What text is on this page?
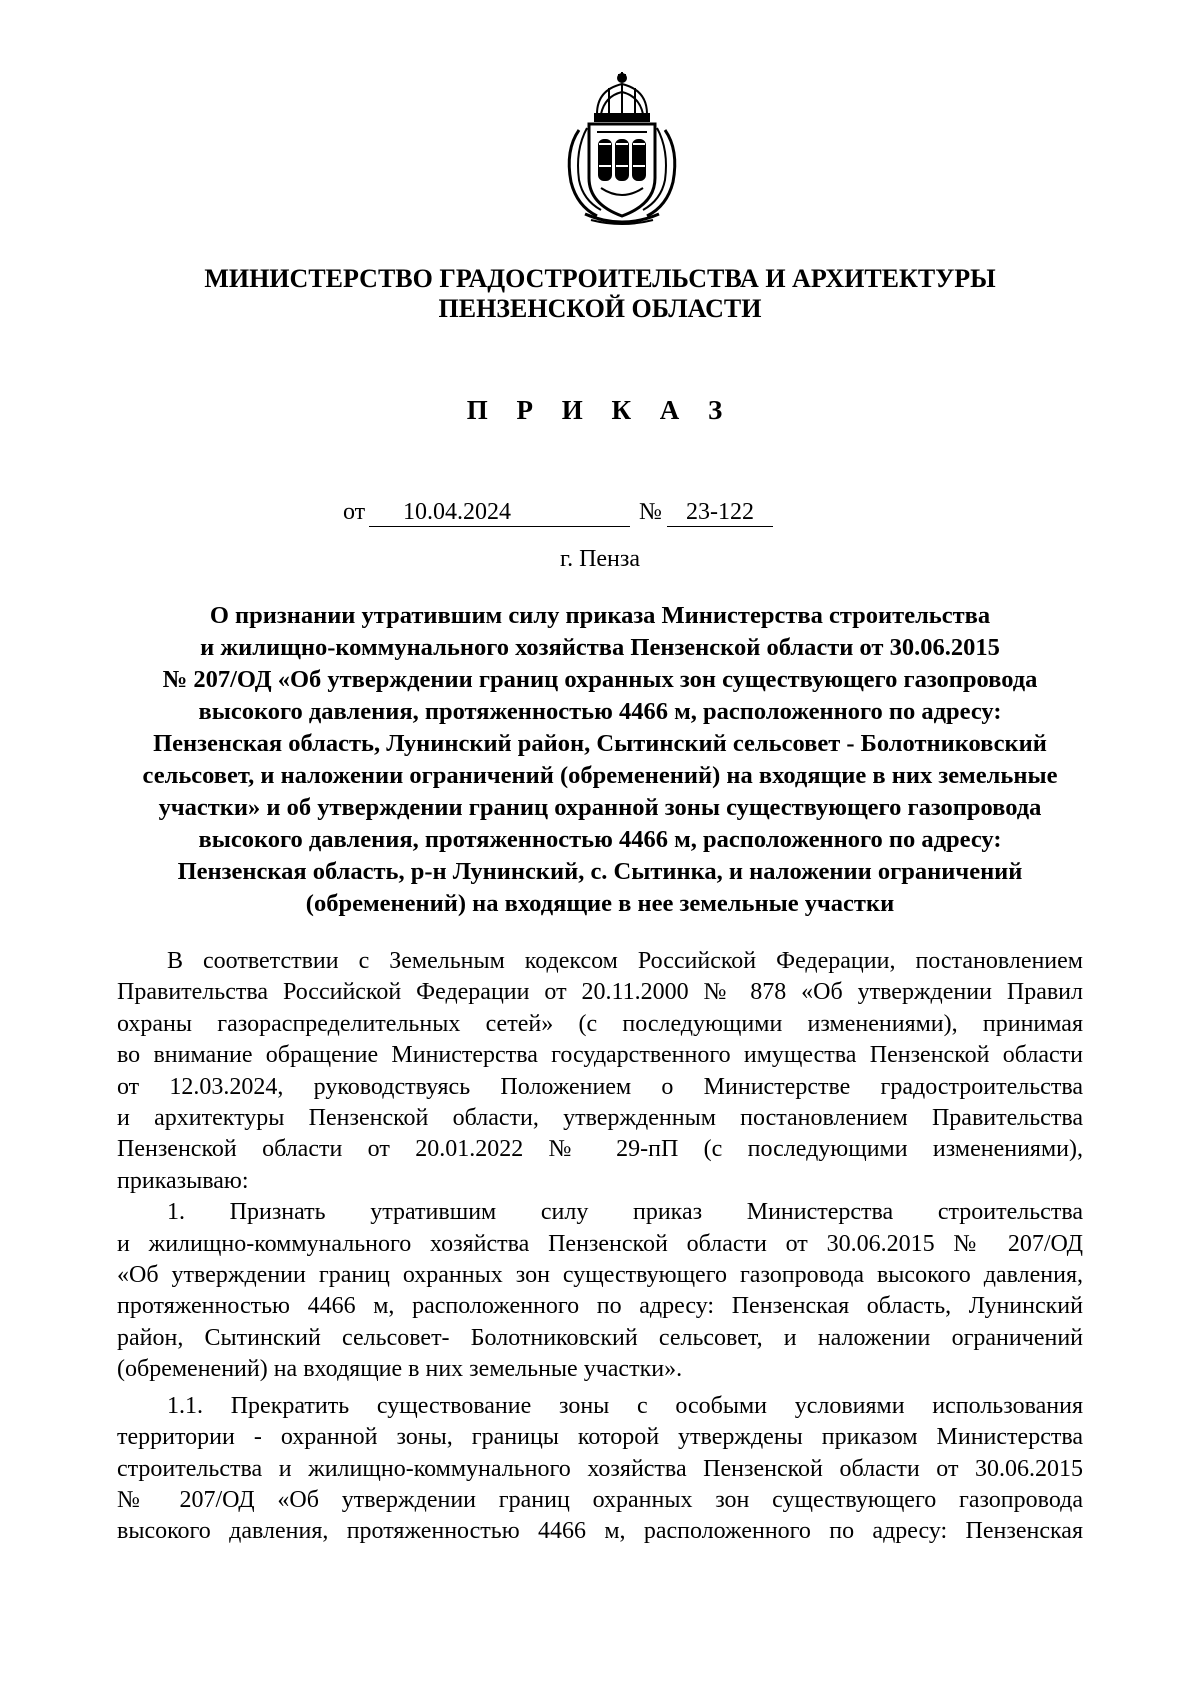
МИНИСТЕРСТВО ГРАДОСТРОИТЕЛЬСТВА И АРХИТЕКТУРЫ
ПЕНЗЕНСКОЙ ОБЛАСТИ
П Р И К А З
от	10.04.2024	№	23-122
г. Пенза
О признании утратившим силу приказа Министерства строительства
и жилищно-коммунального хозяйства Пензенской области от 30.06.2015
№ 207/ОД «Об утверждении границ охранных зон существующего газопровода
высокого давления, протяженностью 4466 м, расположенного по адресу:
Пензенская область, Лунинский район, Сытинский сельсовет - Болотниковский
сельсовет, и наложении ограничений (обременений) на входящие в них земельные
участки» и об утверждении границ охранной зоны существующего газопровода
высокого давления, протяженностью 4466 м, расположенного по адресу:
Пензенская область, р-н Лунинский, с. Сытинка, и наложении ограничений
(обременений) на входящие в нее земельные участки

В соответствии с Земельным кодексом Российской Федерации, постановлением

Правительства Российской Федерации от 20.11.2000 № 878 «Об утверждении Правил

охраны газораспределительных сетей» (с последующими изменениями), принимая

во внимание обращение Министерства государственного имущества Пензенской области

от 12.03.2024, руководствуясь Положением о Министерстве градостроительства

и архитектуры Пензенской области, утвержденным постановлением Правительства

Пензенской области от 20.01.2022 № 29-пП (с последующими изменениями),

приказываю:

1. Признать утратившим силу приказ Министерства строительства

и жилищно-коммунального хозяйства Пензенской области от 30.06.2015 № 207/ОД

«Об утверждении границ охранных зон существующего газопровода высокого давления,

протяженностью 4466 м, расположенного по адресу: Пензенская область, Лунинский

район, Сытинский сельсовет- Болотниковский сельсовет, и наложении ограничений

(обременений) на входящие в них земельные участки».

1.1. Прекратить существование зоны с особыми условиями использования

территории - охранной зоны, границы которой утверждены приказом Министерства

строительства и жилищно-коммунального хозяйства Пензенской области от 30.06.2015

№ 207/ОД «Об утверждении границ охранных зон существующего газопровода

высокого давления, протяженностью 4466 м, расположенного по адресу: Пензенская
